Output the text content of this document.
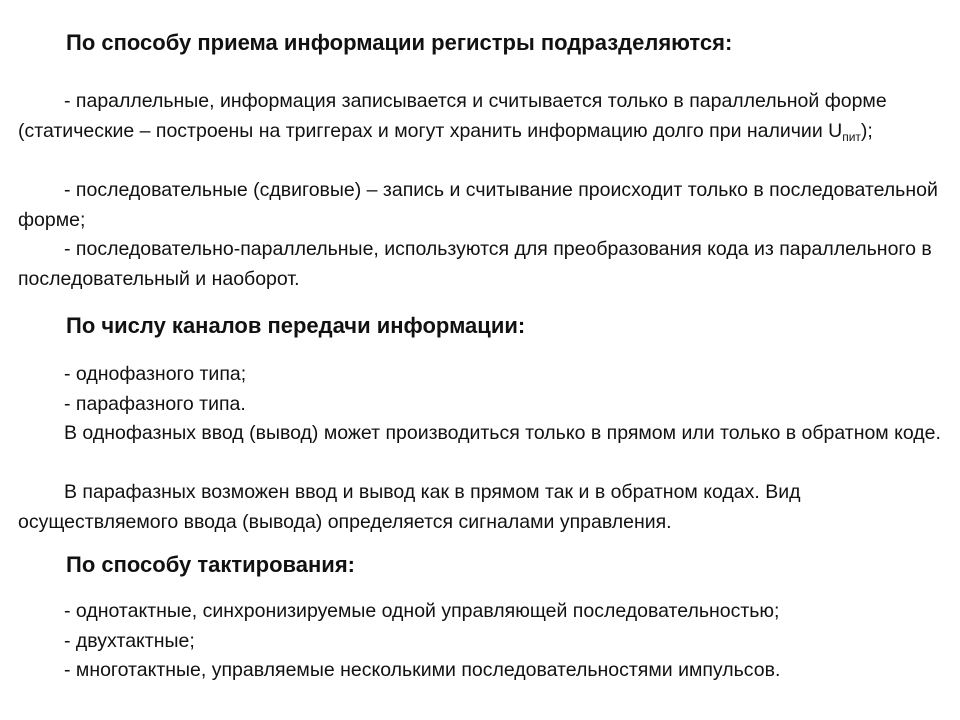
По способу приема информации регистры подразделяются:

- параллельные, информация записывается и считывается только в параллельной форме (статические – построены на триггерах и могут хранить информацию долго при наличии $U_{пит}$);

- последовательные (сдвиговые) – запись и считывание происходит только в последовательной форме;

- последовательно-параллельные, используются для преобразования кода из параллельного в последовательный и наоборот.

По числу каналов передачи информации:

- однофазного типа;

- парафазного типа.

В однофазных ввод (вывод) может производиться только в прямом или только в обратном коде.

В парафазных возможен ввод и вывод как в прямом так и в обратном кодах. Вид осуществляемого ввода (вывода) определяется сигналами управления.

По способу тактирования:

- однотактные, синхронизируемые одной управляющей последовательностью;

- двухтактные;

- многотактные, управляемые несколькими последовательностями импульсов.
